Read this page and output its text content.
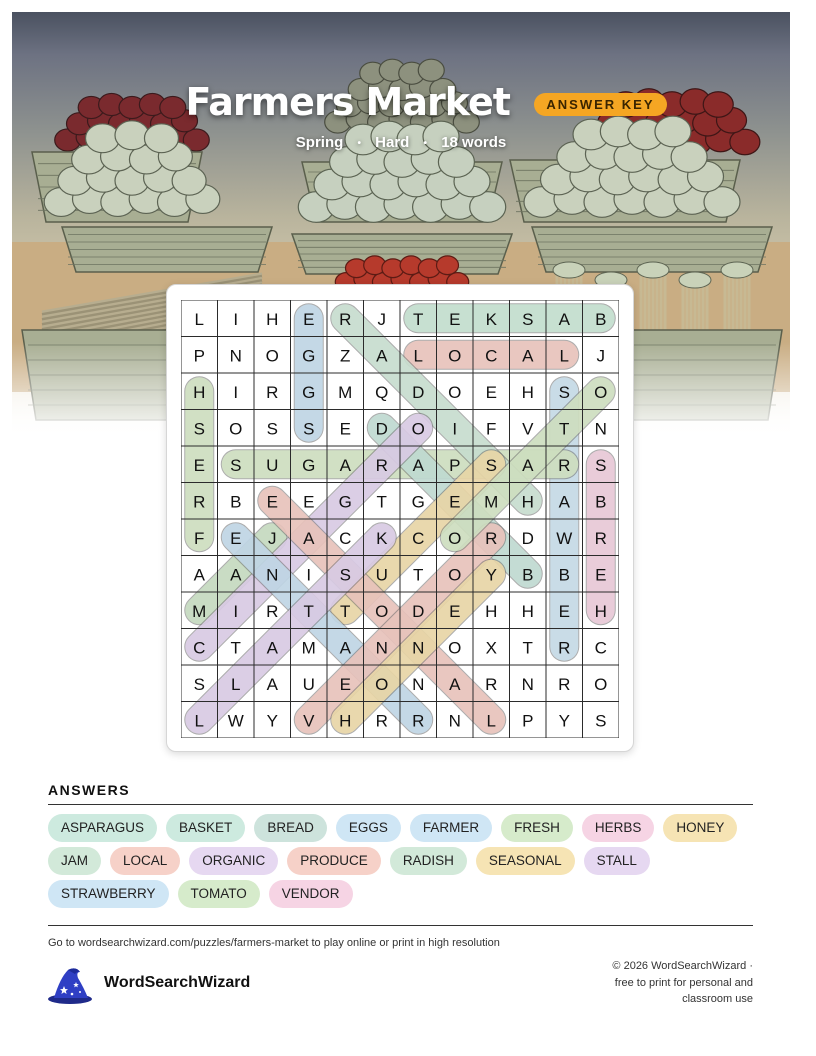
Farmers Market	ANSWER KEY
Spring • Hard • 18 words
L I H E R J T E K S A B
P N O G Z A L O C A L J
H I R G M Q D O E H S O
S O S S E D O I F V T N
E S U G A R A P S A R S
R B E E G T G E M H A B
F E J A C K C O R D W R
A A N I S U T O Y B B E
M I R T T O D E H H E H
C T A M A N N O X T R C
S L A U E O N A R N R O
L W Y V H R R N L P Y S
ANSWERS
ASPARAGUS	BASKET	BREAD	EGGS	FARMER	FRESH	HERBS	HONEYJAM	LOCAL	ORGANIC	PRODUCE	RADISH	SEASONAL	STALLSTRAWBERRY	TOMATO	VENDOR
Go to wordsearchwizard.com/puzzles/farmers-market to play online or print in high resolution
WordSearchWizard
© 2026 WordSearchWizard ·
free to print for personal and
classroom use
